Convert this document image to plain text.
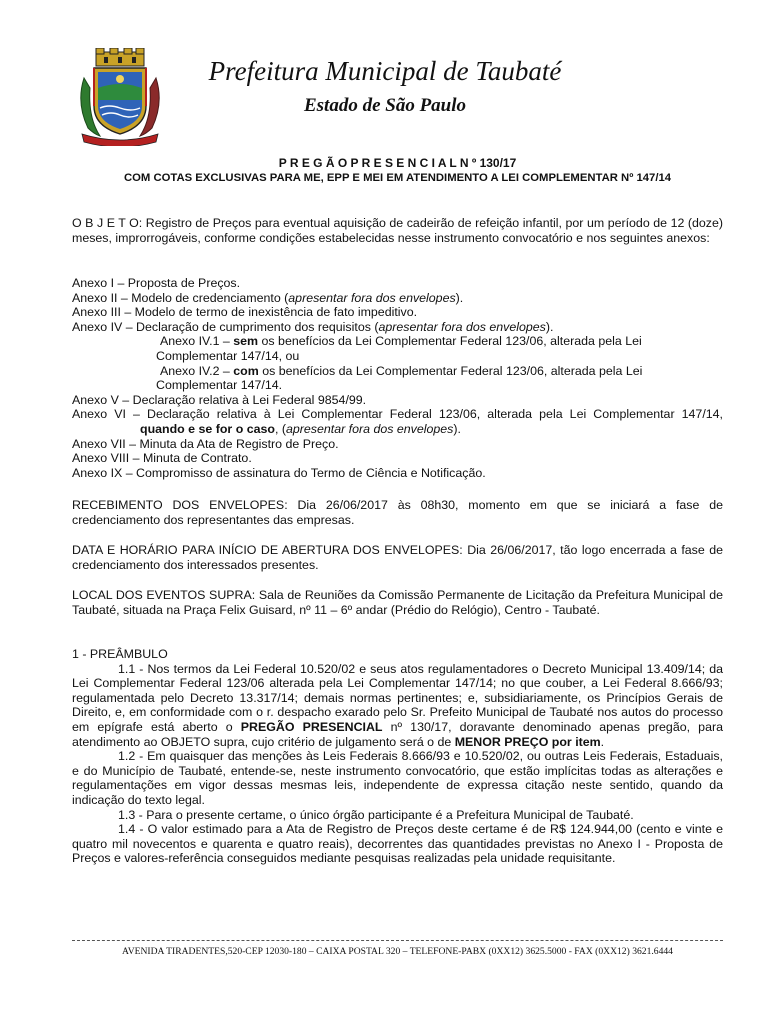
Prefeitura Municipal de Taubaté
Estado de São Paulo
P R E G Ã O P R E S E N C I A L N º 130/17
COM COTAS EXCLUSIVAS PARA ME, EPP E MEI EM ATENDIMENTO A LEI COMPLEMENTAR Nº 147/14
O B J E T O: Registro de Preços para eventual aquisição de cadeirão de refeição infantil, por um período de 12 (doze) meses, improrrogáveis, conforme condições estabelecidas nesse instrumento convocatório e nos seguintes anexos:
Anexo I – Proposta de Preços.
Anexo II – Modelo de credenciamento (apresentar fora dos envelopes).
Anexo III – Modelo de termo de inexistência de fato impeditivo.
Anexo IV – Declaração de cumprimento dos requisitos (apresentar fora dos envelopes).
Anexo IV.1 – sem os benefícios da Lei Complementar Federal 123/06, alterada pela Lei
Complementar 147/14, ou
Anexo IV.2 – com os benefícios da Lei Complementar Federal 123/06, alterada pela Lei
Complementar 147/14.
Anexo V – Declaração relativa à Lei Federal 9854/99.
Anexo VI – Declaração relativa à Lei Complementar Federal 123/06, alterada pela Lei Complementar 147/14,
quando e se for o caso, (apresentar fora dos envelopes).
Anexo VII – Minuta da Ata de Registro de Preço.
Anexo VIII – Minuta de Contrato.
Anexo IX – Compromisso de assinatura do Termo de Ciência e Notificação.
RECEBIMENTO DOS ENVELOPES: Dia 26/06/2017 às 08h30, momento em que se iniciará a fase de credenciamento dos representantes das empresas.
DATA E HORÁRIO PARA INÍCIO DE ABERTURA DOS ENVELOPES: Dia 26/06/2017, tão logo encerrada a fase de credenciamento dos interessados presentes.
LOCAL DOS EVENTOS SUPRA: Sala de Reuniões da Comissão Permanente de Licitação da Prefeitura Municipal de Taubaté, situada na Praça Felix Guisard, nº 11 – 6º andar (Prédio do Relógio), Centro - Taubaté.
1 - PREÂMBULO
1.1 - Nos termos da Lei Federal 10.520/02 e seus atos regulamentadores o Decreto Municipal 13.409/14; da Lei Complementar Federal 123/06 alterada pela Lei Complementar 147/14; no que couber, a Lei Federal 8.666/93; regulamentada pelo Decreto 13.317/14; demais normas pertinentes; e, subsidiariamente, os Princípios Gerais de Direito, e, em conformidade com o r. despacho exarado pelo Sr. Prefeito Municipal de Taubaté nos autos do processo em epígrafe está aberto o PREGÃO PRESENCIAL nº 130/17, doravante denominado apenas pregão, para atendimento ao OBJETO supra, cujo critério de julgamento será o de MENOR PREÇO por item.
1.2 - Em quaisquer das menções às Leis Federais 8.666/93 e 10.520/02, ou outras Leis Federais, Estaduais, e do Município de Taubaté, entende-se, neste instrumento convocatório, que estão implícitas todas as alterações e regulamentações em vigor dessas mesmas leis, independente de expressa citação neste sentido, quando da indicação do texto legal.
1.3 - Para o presente certame, o único órgão participante é a Prefeitura Municipal de Taubaté.
1.4 - O valor estimado para a Ata de Registro de Preços deste certame é de R$ 124.944,00 (cento e vinte e quatro mil novecentos e quarenta e quatro reais), decorrentes das quantidades previstas no Anexo I - Proposta de Preços e valores-referência conseguidos mediante pesquisas realizadas pela unidade requisitante.
AVENIDA TIRADENTES,520-CEP 12030-180 – CAIXA POSTAL 320 – TELEFONE-PABX (0XX12) 3625.5000 - FAX (0XX12) 3621.6444
